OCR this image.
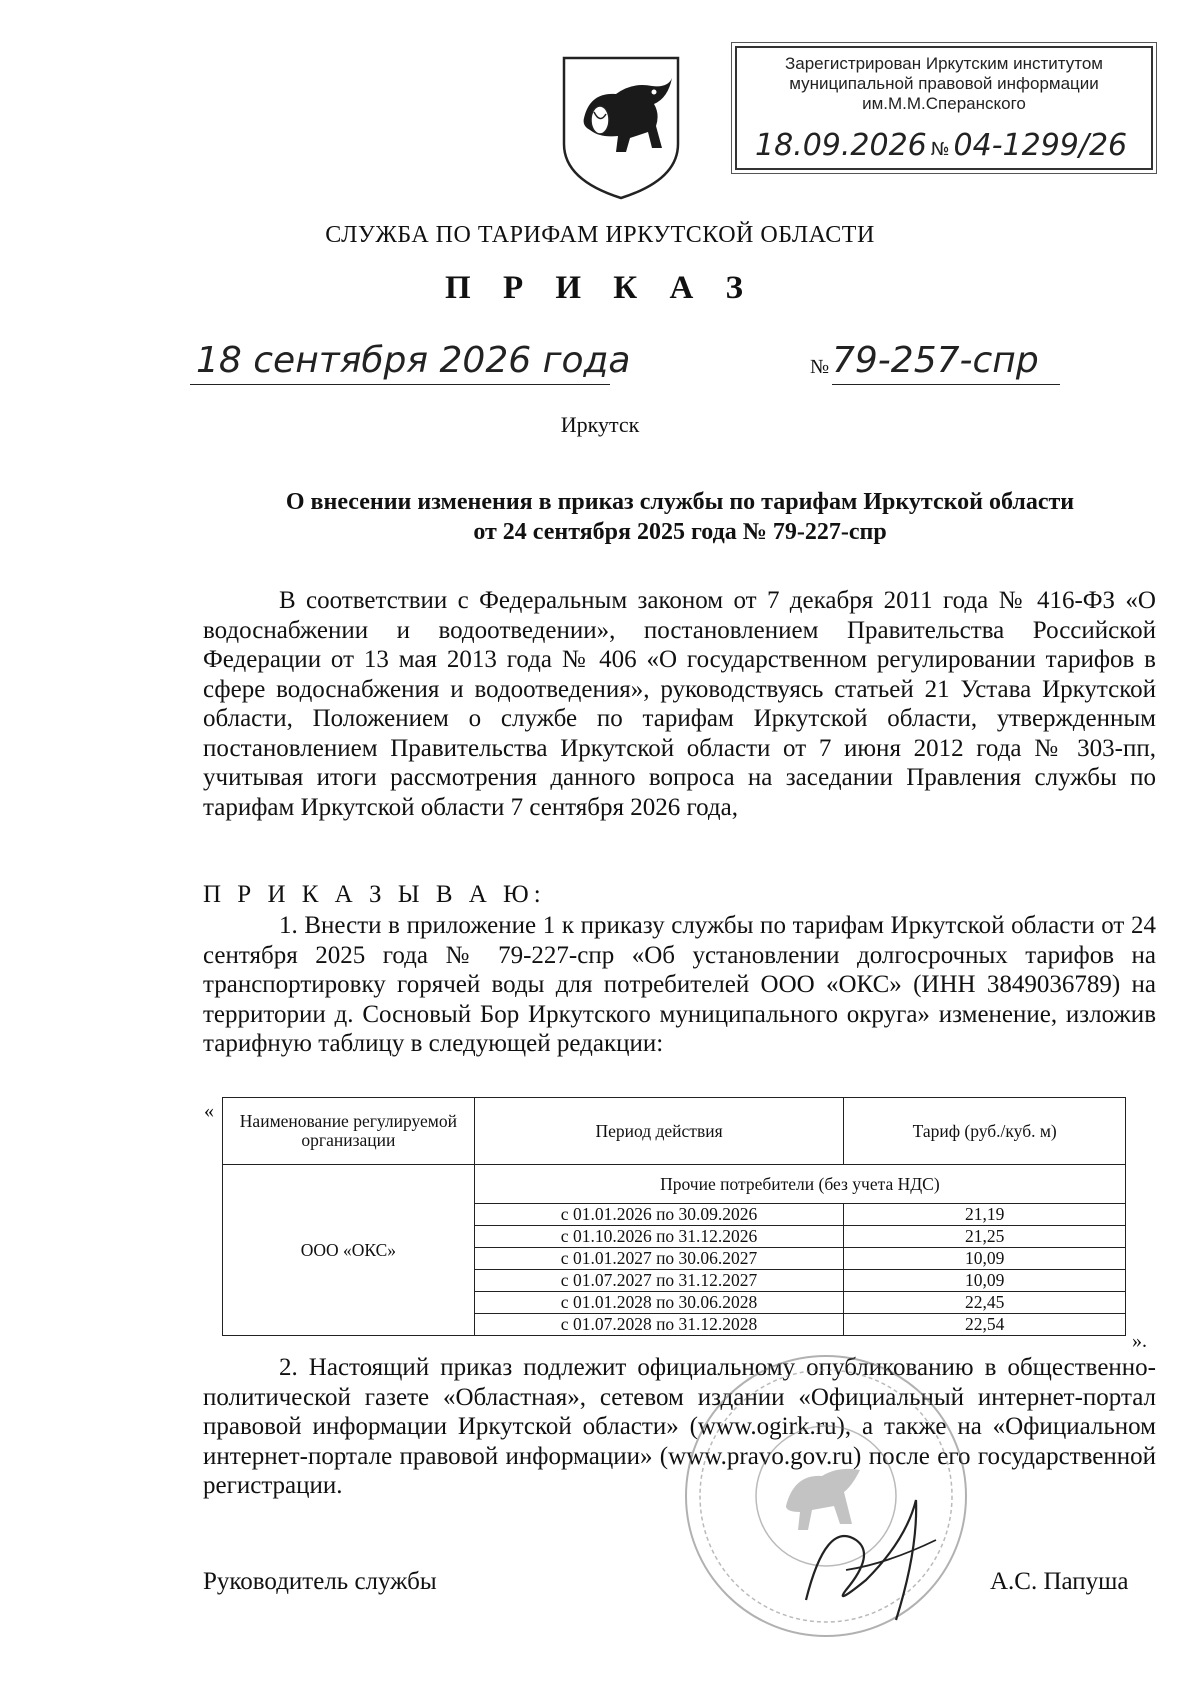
Зарегистрирован Иркутским институтом
муниципальной правовой информации
им.М.М.Сперанского
18.09.2026 № 04-1299/26
СЛУЖБА ПО ТАРИФАМ ИРКУТСКОЙ ОБЛАСТИ
П Р И К А З
18 сентября 2026 года	№ 79-257-спр
Иркутск
О внесении изменения в приказ службы по тарифам Иркутской области
от 24 сентября 2025 года № 79-227-спр
В соответствии с Федеральным законом от 7 декабря 2011 года № 416-ФЗ «О водоснабжении и водоотведении», постановлением Правительства Российской Федерации от 13 мая 2013 года № 406 «О государственном регулировании тарифов в сфере водоснабжения и водоотведения», руководствуясь статьей 21 Устава Иркутской области, Положением о службе по тарифам Иркутской области, утвержденным постановлением Правительства Иркутской области от 7 июня 2012 года № 303-пп, учитывая итоги рассмотрения данного вопроса на заседании Правления службы по тарифам Иркутской области 7 сентября 2026 года,
П Р И К А З Ы В А Ю:
1. Внести в приложение 1 к приказу службы по тарифам Иркутской области от 24 сентября 2025 года № 79-227-спр «Об установлении долгосрочных тарифов на транспортировку горячей воды для потребителей ООО «ОКС» (ИНН 3849036789) на территории д. Сосновый Бор Иркутского муниципального округа» изменение, изложив тарифную таблицу в следующей редакции:
« Наименование регулируемой организации	Период действия	Тариф (руб./куб. м)
ООО «ОКС»	Прочие потребители (без учета НДС)	
	с 01.01.2026 по 30.09.2026	21,19
	с 01.10.2026 по 31.12.2026	21,25
	с 01.01.2027 по 30.06.2027	10,09
	с 01.07.2027 по 31.12.2027	10,09
	с 01.01.2028 по 30.06.2028	22,45
	с 01.07.2028 по 31.12.2028	22,54
».
2. Настоящий приказ подлежит официальному опубликованию в общественно-политической газете «Областная», сетевом издании «Официальный интернет-портал правовой информации Иркутской области» (www.ogirk.ru), а также на «Официальном интернет-портале правовой информации» (www.pravo.gov.ru) после его государственной регистрации.
Руководитель службы	А.С. Папуша
